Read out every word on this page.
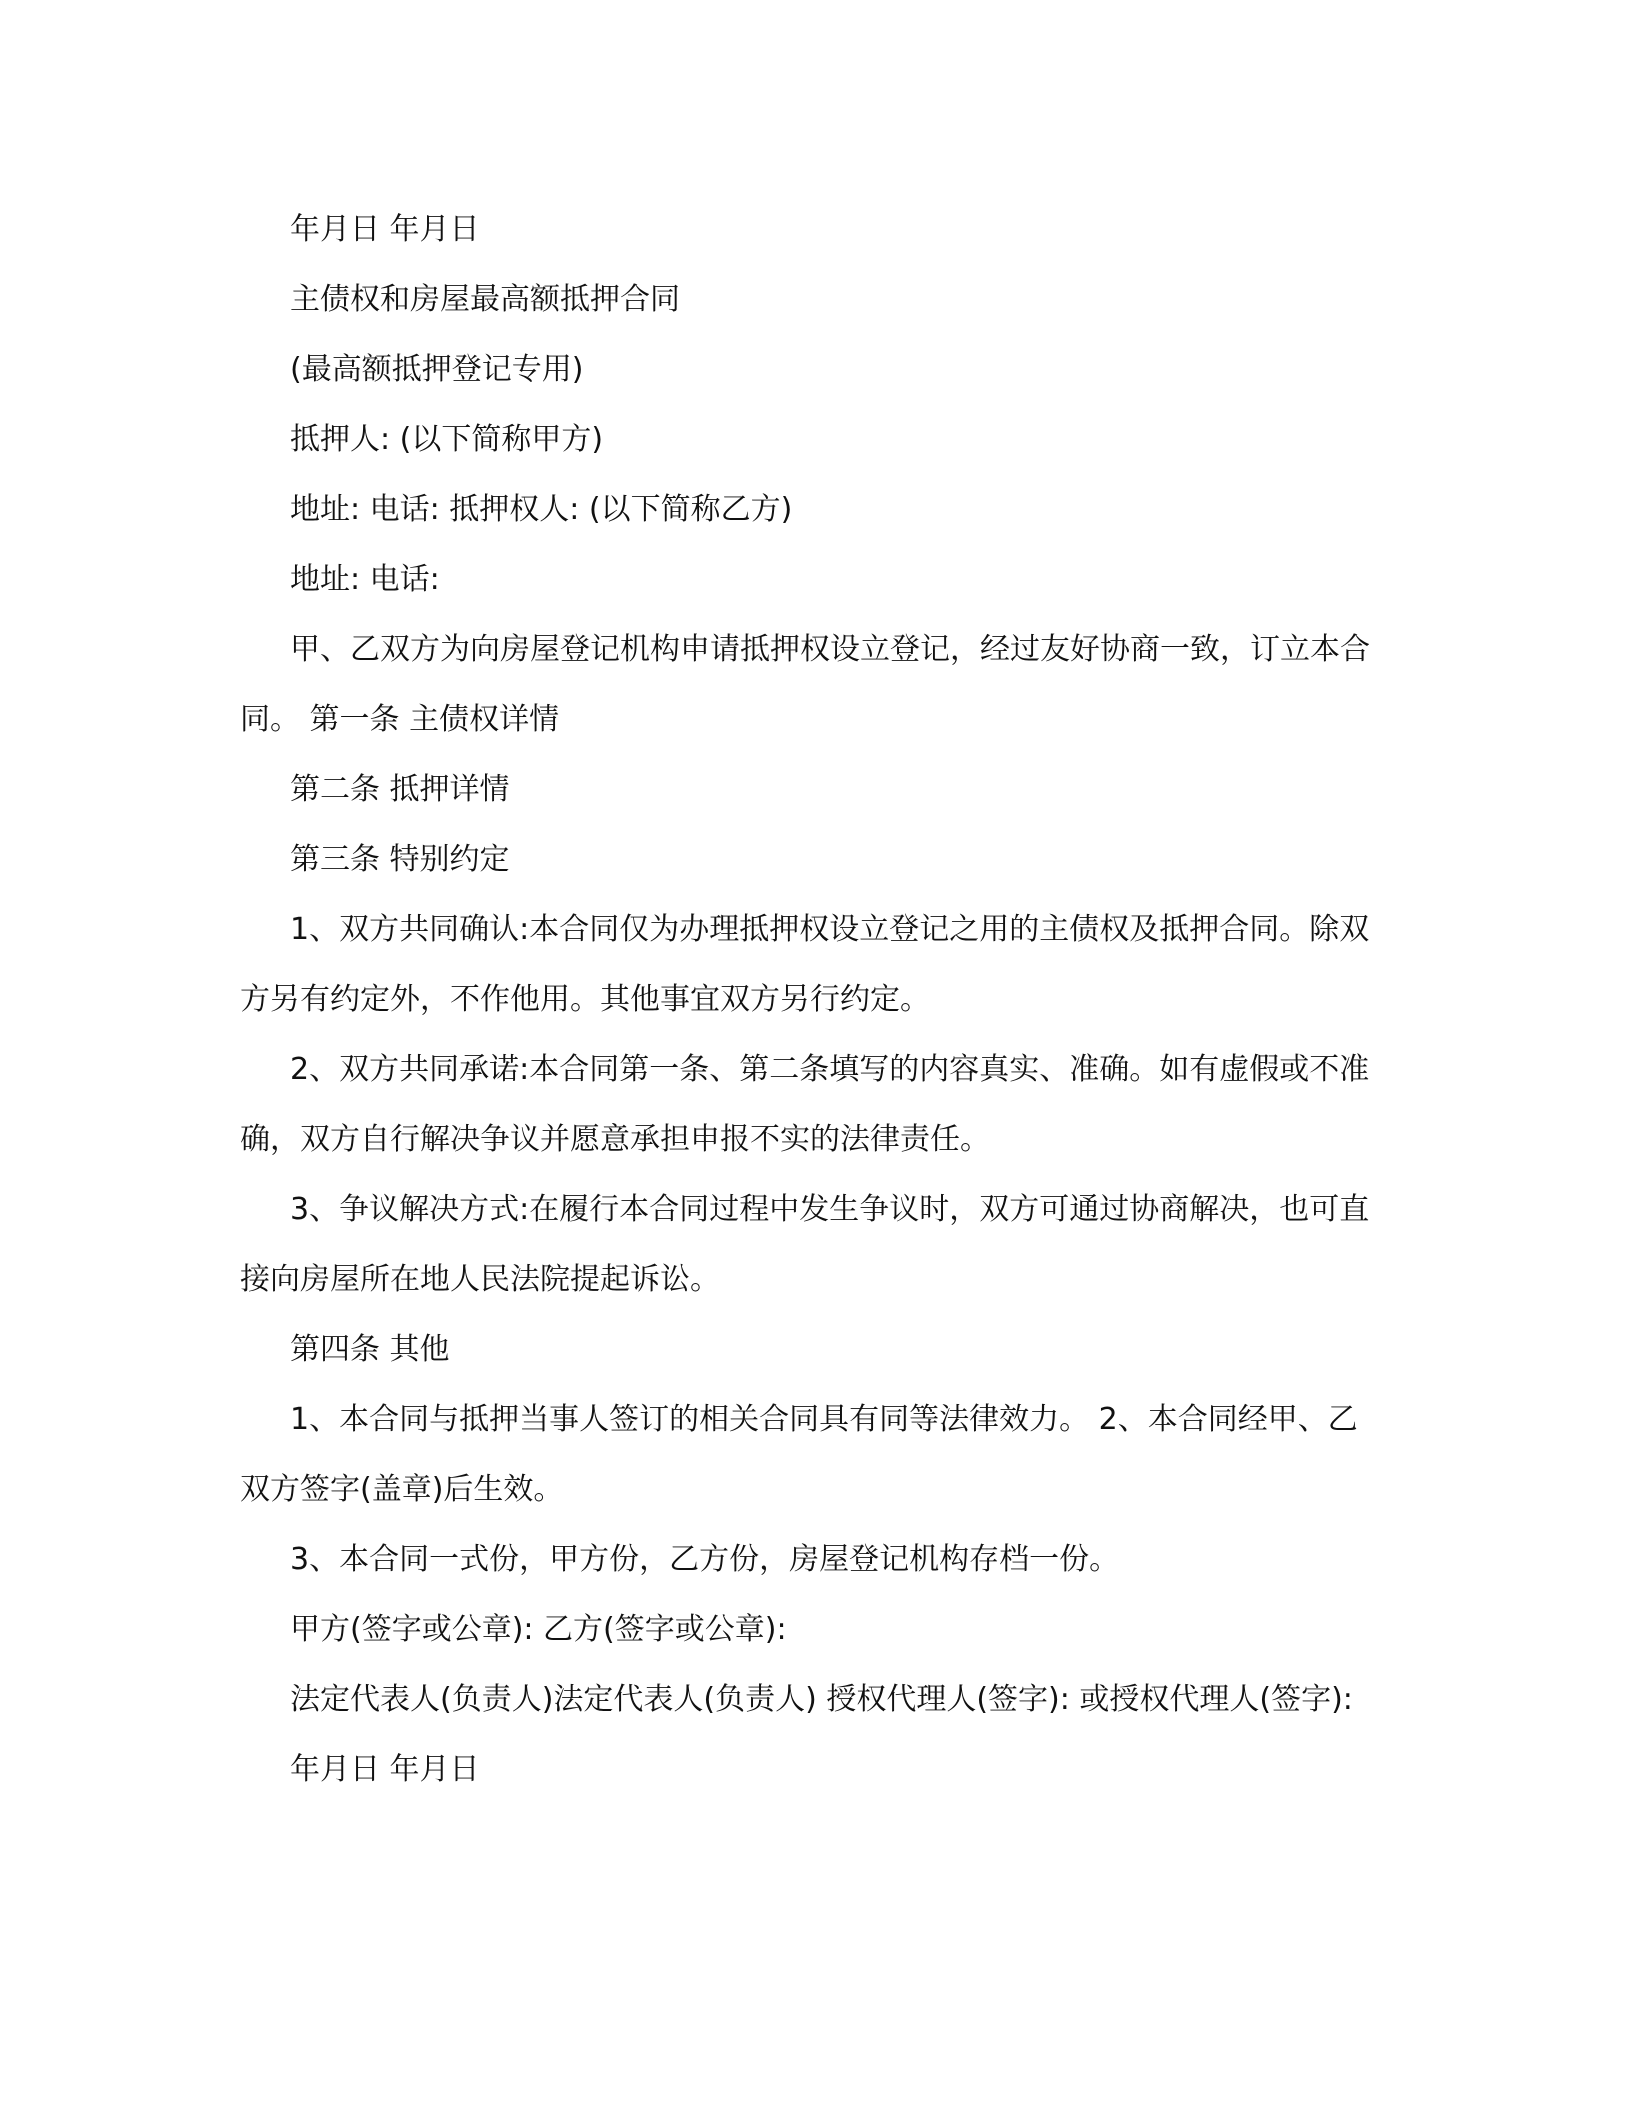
年月日 年月日

主债权和房屋最高额抵押合同

(最高额抵押登记专用)

抵押人: (以下简称甲方)

地址: 电话: 抵押权人: (以下简称乙方)

地址: 电话:

甲、乙双方为向房屋登记机构申请抵押权设立登记，经过友好协商一致，订立本合同。 第一条 主债权详情

第二条 抵押详情

第三条 特别约定

1、双方共同确认:本合同仅为办理抵押权设立登记之用的主债权及抵押合同。除双方另有约定外，不作他用。其他事宜双方另行约定。

2、双方共同承诺:本合同第一条、第二条填写的内容真实、准确。如有虚假或不准确，双方自行解决争议并愿意承担申报不实的法律责任。

3、争议解决方式:在履行本合同过程中发生争议时，双方可通过协商解决，也可直接向房屋所在地人民法院提起诉讼。

第四条 其他

1、本合同与抵押当事人签订的相关合同具有同等法律效力。 2、本合同经甲、乙双方签字(盖章)后生效。

3、本合同一式份，甲方份，乙方份，房屋登记机构存档一份。

甲方(签字或公章): 乙方(签字或公章):

法定代表人(负责人)法定代表人(负责人) 授权代理人(签字): 或授权代理人(签字):

年月日 年月日
